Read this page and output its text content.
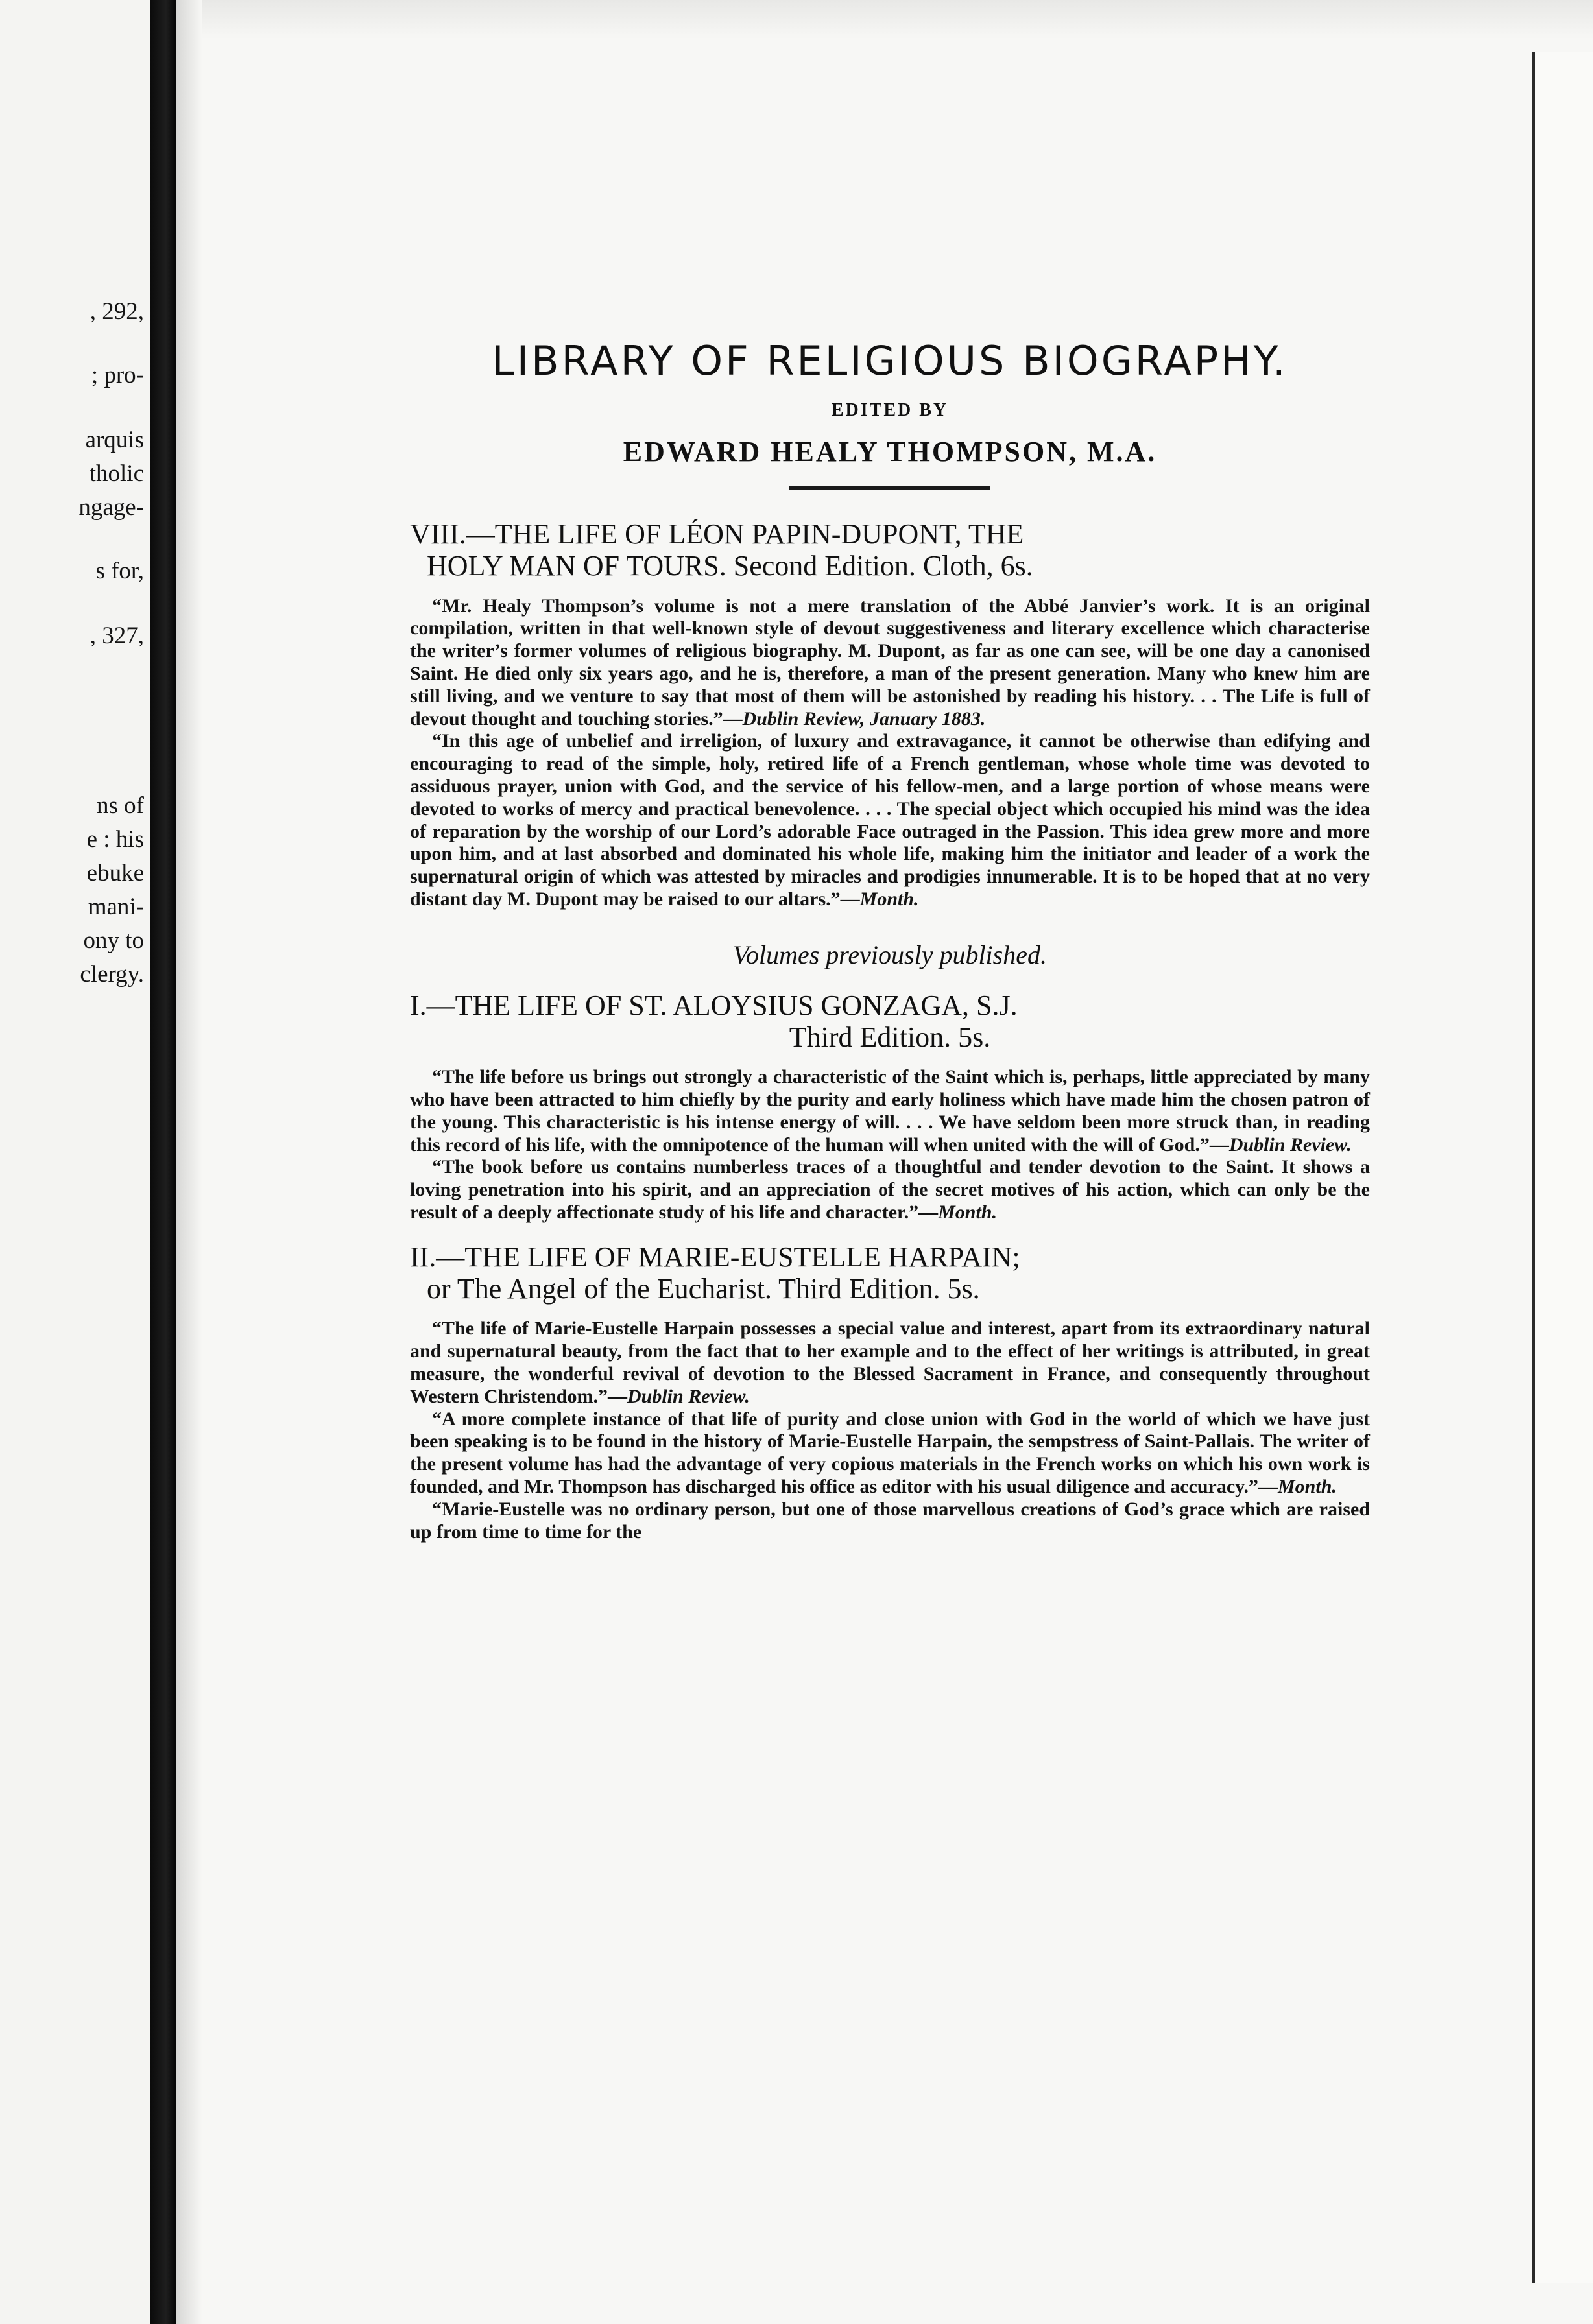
, 292,
; pro-
arquis
tholic
ngage-
s for,
, 327,
ns of
e : his
ebuke
mani-
ony to
clergy.
LIBRARY OF RELIGIOUS BIOGRAPHY.
EDITED BY
EDWARD HEALY THOMPSON, M.A.
VIII.—THE LIFE OF LÉON PAPIN-DUPONT, THE
HOLY MAN OF TOURS. Second Edition. Cloth, 6s.

“Mr. Healy Thompson’s volume is not a mere translation of the Abbé Janvier’s work. It is an original compilation, written in that well-known style of devout suggestiveness and literary excellence which characterise the writer’s former volumes of religious biography. M. Dupont, as far as one can see, will be one day a canonised Saint. He died only six years ago, and he is, therefore, a man of the present generation. Many who knew him are still living, and we venture to say that most of them will be astonished by reading his history. . . The Life is full of devout thought and touching stories.”—Dublin Review, January 1883.

“In this age of unbelief and irreligion, of luxury and extravagance, it cannot be otherwise than edifying and encouraging to read of the simple, holy, retired life of a French gentleman, whose whole time was devoted to assiduous prayer, union with God, and the service of his fellow-men, and a large portion of whose means were devoted to works of mercy and practical benevolence. . . . The special object which occupied his mind was the idea of reparation by the worship of our Lord’s adorable Face outraged in the Passion. This idea grew more and more upon him, and at last absorbed and dominated his whole life, making him the initiator and leader of a work the supernatural origin of which was attested by miracles and prodigies innumerable. It is to be hoped that at no very distant day M. Dupont may be raised to our altars.”—Month.

Volumes previously published.
I.—THE LIFE OF ST. ALOYSIUS GONZAGA, S.J.
Third Edition. 5s.

“The life before us brings out strongly a characteristic of the Saint which is, perhaps, little appreciated by many who have been attracted to him chiefly by the purity and early holiness which have made him the chosen patron of the young. This characteristic is his intense energy of will. . . . We have seldom been more struck than, in reading this record of his life, with the omnipotence of the human will when united with the will of God.”—Dublin Review.

“The book before us contains numberless traces of a thoughtful and tender devotion to the Saint. It shows a loving penetration into his spirit, and an appreciation of the secret motives of his action, which can only be the result of a deeply affectionate study of his life and character.”—Month.

II.—THE LIFE OF MARIE-EUSTELLE HARPAIN;
or The Angel of the Eucharist. Third Edition. 5s.

“The life of Marie-Eustelle Harpain possesses a special value and interest, apart from its extraordinary natural and supernatural beauty, from the fact that to her example and to the effect of her writings is attributed, in great measure, the wonderful revival of devotion to the Blessed Sacrament in France, and consequently throughout Western Christendom.”—Dublin Review.

“A more complete instance of that life of purity and close union with God in the world of which we have just been speaking is to be found in the history of Marie-Eustelle Harpain, the sempstress of Saint-Pallais. The writer of the present volume has had the advantage of very copious materials in the French works on which his own work is founded, and Mr. Thompson has discharged his office as editor with his usual diligence and accuracy.”—Month.

“Marie-Eustelle was no ordinary person, but one of those marvellous creations of God’s grace which are raised up from time to time for the
